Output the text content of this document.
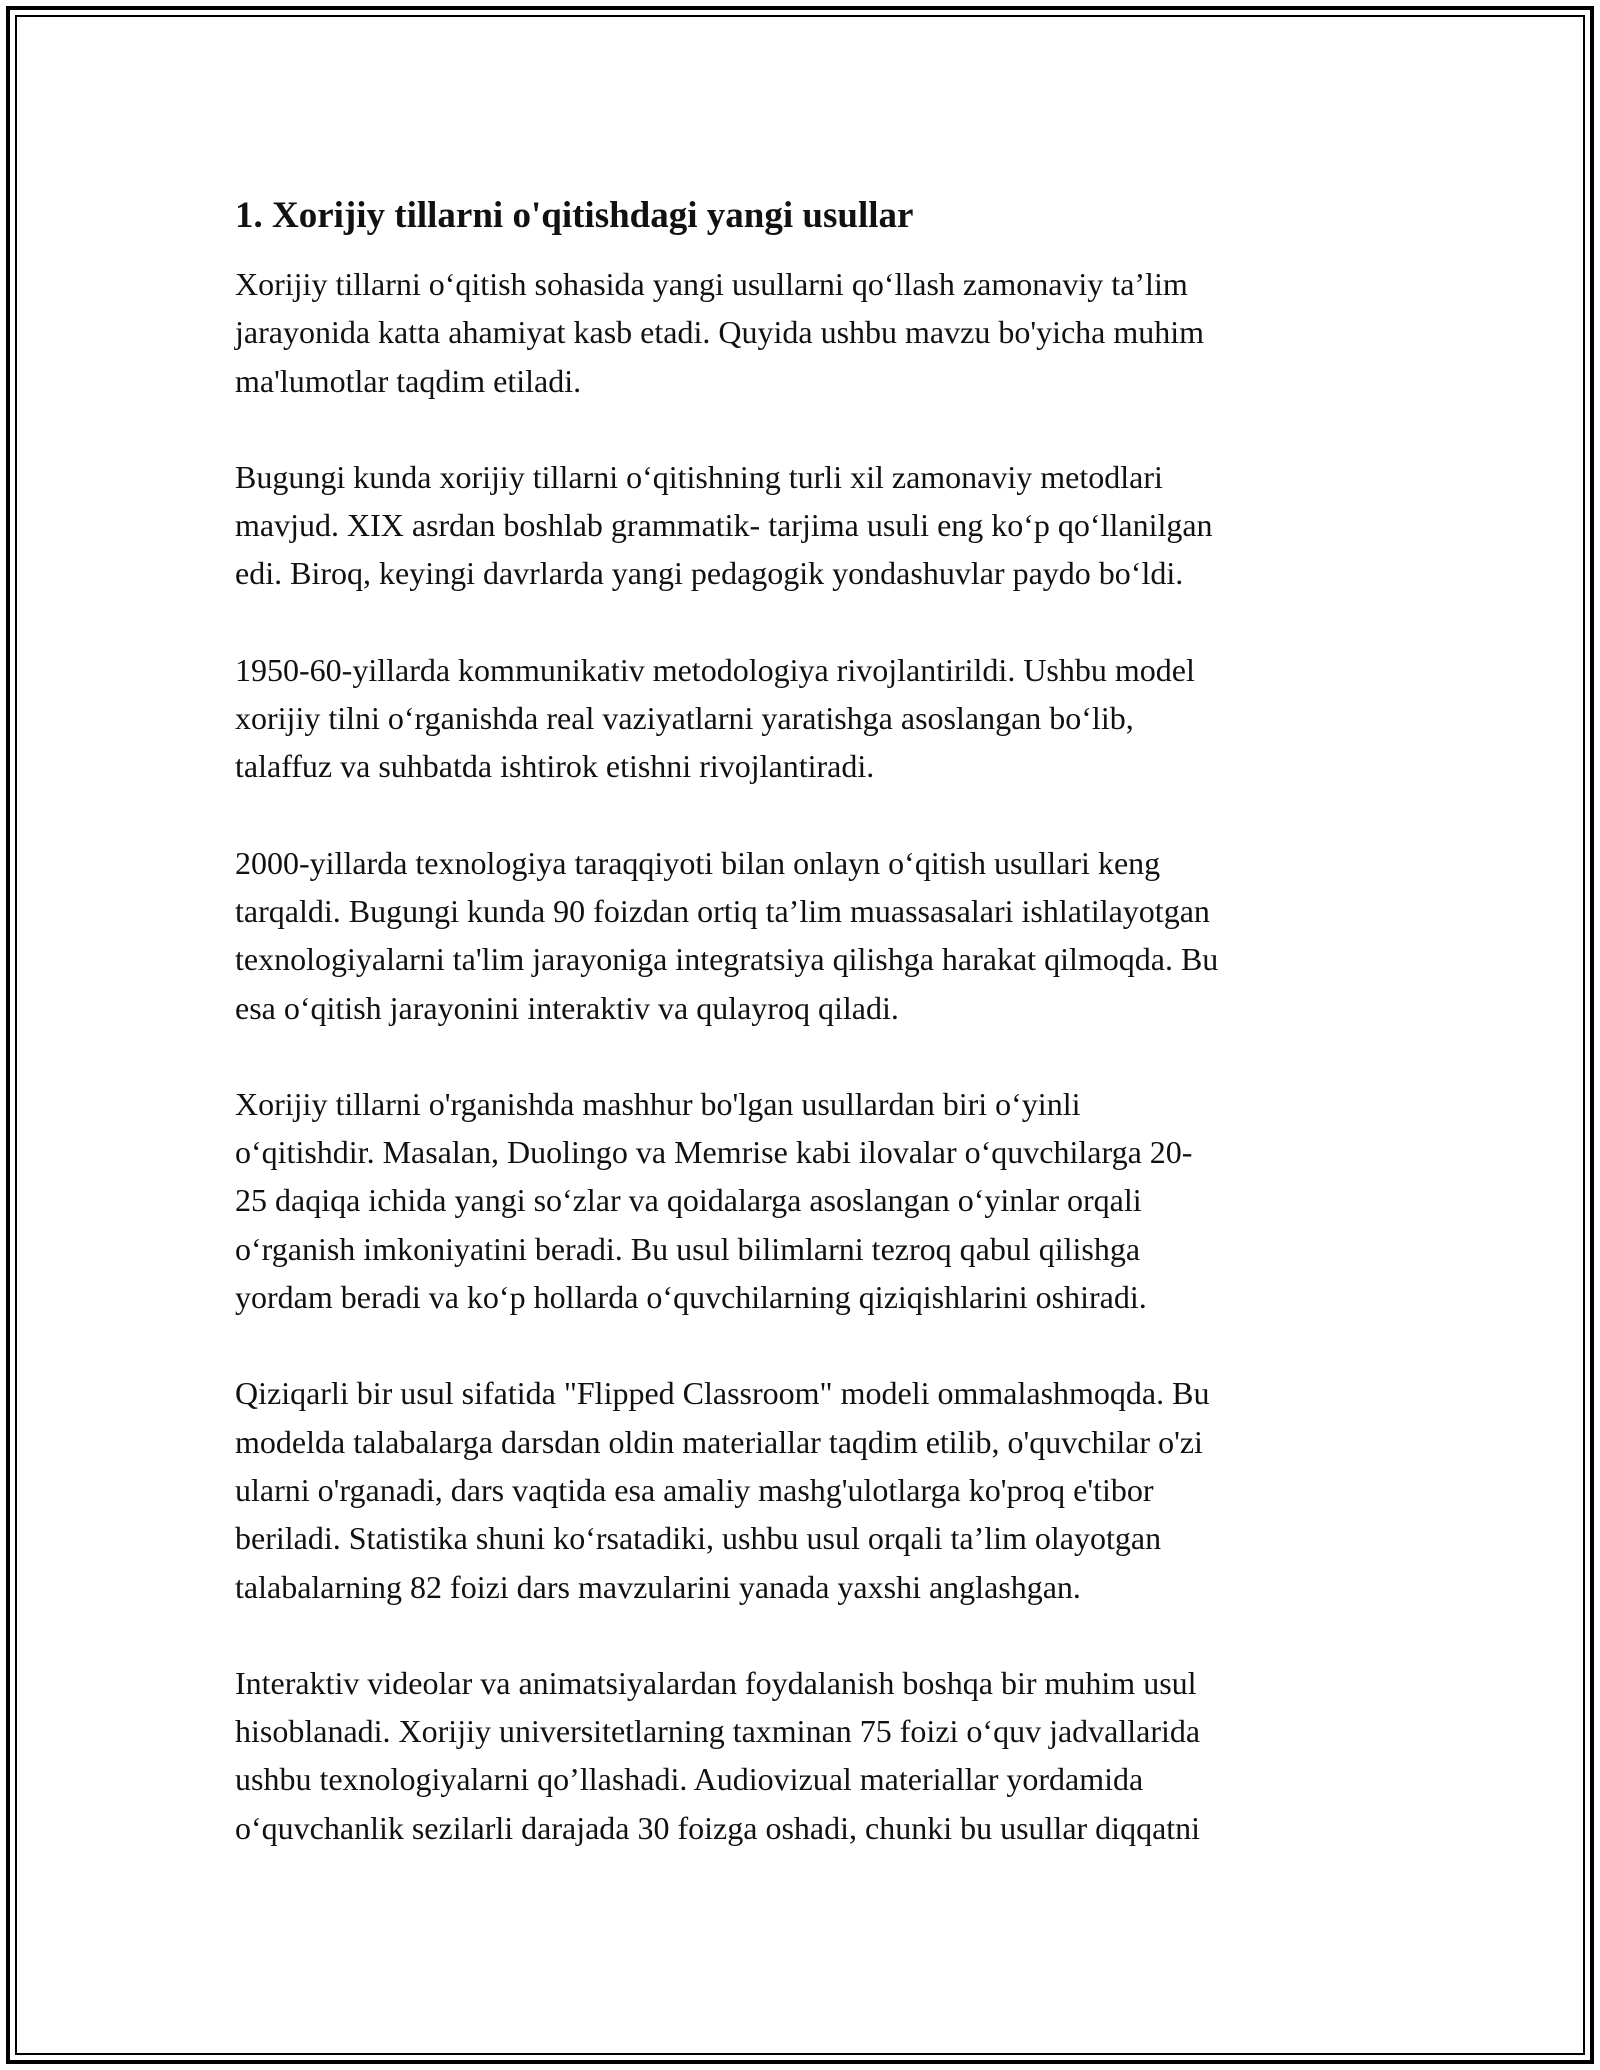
1. Xorijiy tillarni o'qitishdagi yangi usullar

Xorijiy tillarni o‘qitish sohasida yangi usullarni qo‘llash zamonaviy ta’lim
jarayonida katta ahamiyat kasb etadi. Quyida ushbu mavzu bo'yicha muhim
ma'lumotlar taqdim etiladi.

Bugungi kunda xorijiy tillarni o‘qitishning turli xil zamonaviy metodlari
mavjud. XIX asrdan boshlab grammatik- tarjima usuli eng ko‘p qo‘llanilgan
edi. Biroq, keyingi davrlarda yangi pedagogik yondashuvlar paydo bo‘ldi.

1950-60-yillarda kommunikativ metodologiya rivojlantirildi. Ushbu model
xorijiy tilni o‘rganishda real vaziyatlarni yaratishga asoslangan bo‘lib,
talaffuz va suhbatda ishtirok etishni rivojlantiradi.

2000-yillarda texnologiya taraqqiyoti bilan onlayn o‘qitish usullari keng
tarqaldi. Bugungi kunda 90 foizdan ortiq ta’lim muassasalari ishlatilayotgan
texnologiyalarni ta'lim jarayoniga integratsiya qilishga harakat qilmoqda. Bu
esa o‘qitish jarayonini interaktiv va qulayroq qiladi.

Xorijiy tillarni o'rganishda mashhur bo'lgan usullardan biri o‘yinli
o‘qitishdir. Masalan, Duolingo va Memrise kabi ilovalar o‘quvchilarga 20-
25 daqiqa ichida yangi so‘zlar va qoidalarga asoslangan o‘yinlar orqali
o‘rganish imkoniyatini beradi. Bu usul bilimlarni tezroq qabul qilishga
yordam beradi va ko‘p hollarda o‘quvchilarning qiziqishlarini oshiradi.

Qiziqarli bir usul sifatida "Flipped Classroom" modeli ommalashmoqda. Bu
modelda talabalarga darsdan oldin materiallar taqdim etilib, o'quvchilar o'zi
ularni o'rganadi, dars vaqtida esa amaliy mashg'ulotlarga ko'proq e'tibor
beriladi. Statistika shuni ko‘rsatadiki, ushbu usul orqali ta’lim olayotgan
talabalarning 82 foizi dars mavzularini yanada yaxshi anglashgan.

Interaktiv videolar va animatsiyalardan foydalanish boshqa bir muhim usul
hisoblanadi. Xorijiy universitetlarning taxminan 75 foizi o‘quv jadvallarida
ushbu texnologiyalarni qo’llashadi. Audiovizual materiallar yordamida
o‘quvchanlik sezilarli darajada 30 foizga oshadi, chunki bu usullar diqqatni
